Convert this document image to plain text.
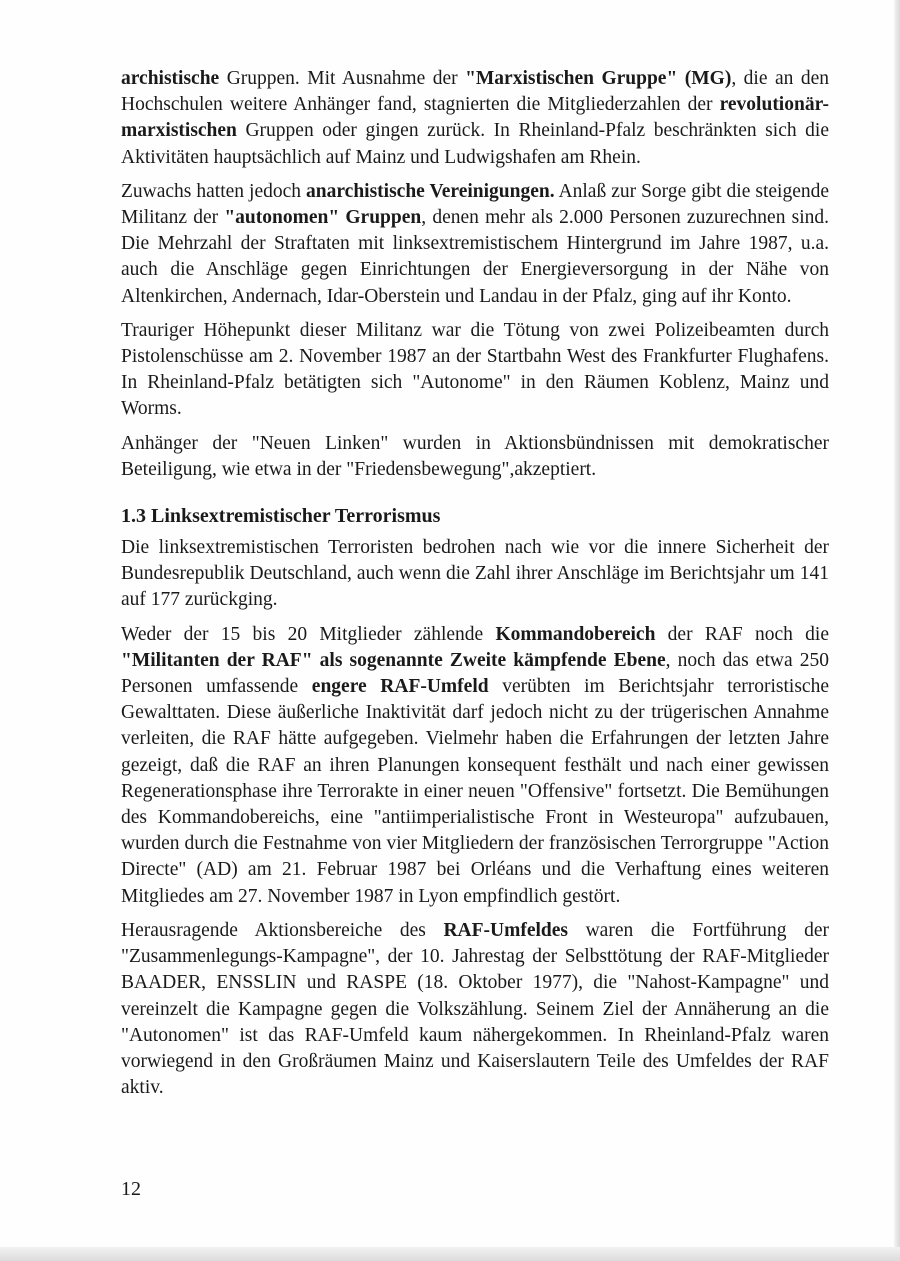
archistische Gruppen. Mit Ausnahme der "Marxistischen Gruppe" (MG), die an den Hochschulen weitere Anhänger fand, stagnierten die Mitgliederzahlen der revolutionär-marxistischen Gruppen oder gingen zurück. In Rheinland-Pfalz beschränkten sich die Aktivitäten hauptsächlich auf Mainz und Ludwigshafen am Rhein.

Zuwachs hatten jedoch anarchistische Vereinigungen. Anlaß zur Sorge gibt die steigende Militanz der "autonomen" Gruppen, denen mehr als 2.000 Personen zuzurechnen sind. Die Mehrzahl der Straftaten mit linksextremistischem Hintergrund im Jahre 1987, u.a. auch die Anschläge gegen Einrichtungen der Energieversorgung in der Nähe von Altenkirchen, Andernach, Idar-Oberstein und Landau in der Pfalz, ging auf ihr Konto.

Trauriger Höhepunkt dieser Militanz war die Tötung von zwei Polizeibeamten durch Pistolenschüsse am 2. November 1987 an der Startbahn West des Frankfurter Flughafens. In Rheinland-Pfalz betätigten sich "Autonome" in den Räumen Koblenz, Mainz und Worms.

Anhänger der "Neuen Linken" wurden in Aktionsbündnissen mit demokratischer Beteiligung, wie etwa in der "Friedensbewegung",akzeptiert.

1.3 Linksextremistischer Terrorismus

Die linksextremistischen Terroristen bedrohen nach wie vor die innere Sicherheit der Bundesrepublik Deutschland, auch wenn die Zahl ihrer Anschläge im Berichtsjahr um 141 auf 177 zurückging.

Weder der 15 bis 20 Mitglieder zählende Kommandobereich der RAF noch die "Militanten der RAF" als sogenannte Zweite kämpfende Ebene, noch das etwa 250 Personen umfassende engere RAF-Umfeld verübten im Berichtsjahr terroristische Gewalttaten. Diese äußerliche Inaktivität darf jedoch nicht zu der trügerischen Annahme verleiten, die RAF hätte aufgegeben. Vielmehr haben die Erfahrungen der letzten Jahre gezeigt, daß die RAF an ihren Planungen konsequent festhält und nach einer gewissen Regenerationsphase ihre Terrorakte in einer neuen "Offensive" fortsetzt. Die Bemühungen des Kommandobereichs, eine "antiimperialistische Front in Westeuropa" aufzubauen, wurden durch die Festnahme von vier Mitgliedern der französischen Terrorgruppe "Action Directe" (AD) am 21. Februar 1987 bei Orléans und die Verhaftung eines weiteren Mitgliedes am 27. November 1987 in Lyon empfindlich gestört.

Herausragende Aktionsbereiche des RAF-Umfeldes waren die Fortführung der "Zusammenlegungs-Kampagne", der 10. Jahrestag der Selbsttötung der RAF-Mitglieder BAADER, ENSSLIN und RASPE (18. Oktober 1977), die "Nahost-Kampagne" und vereinzelt die Kampagne gegen die Volkszählung. Seinem Ziel der Annäherung an die "Autonomen" ist das RAF-Umfeld kaum nähergekommen. In Rheinland-Pfalz waren vorwiegend in den Großräumen Mainz und Kaiserslautern Teile des Umfeldes der RAF aktiv.

12
